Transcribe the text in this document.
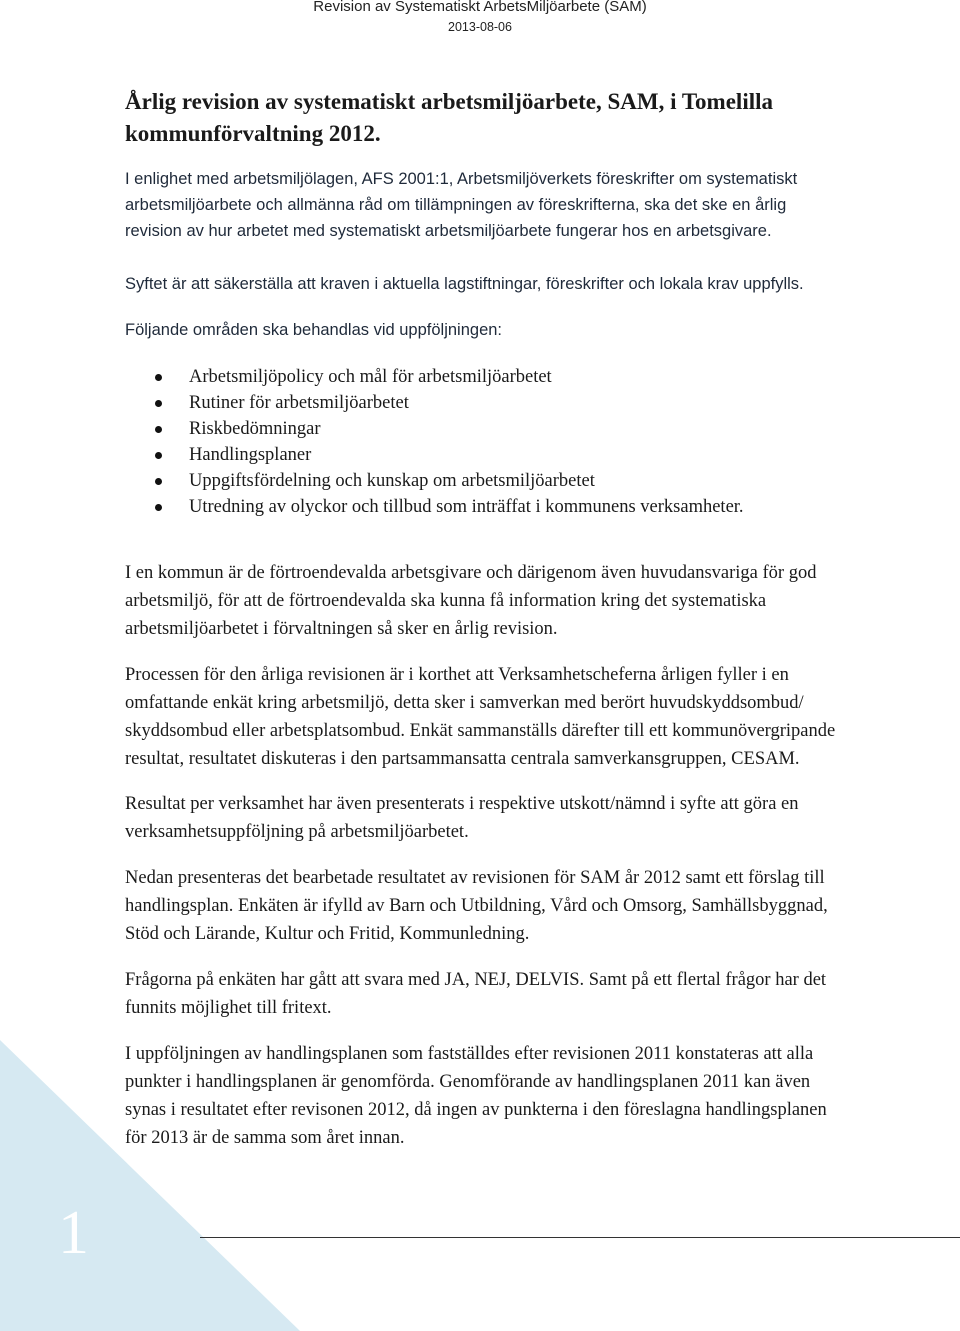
Revision av Systematiskt ArbetsMiljöarbete (SAM)
2013-08-06
Årlig revision av systematiskt arbetsmiljöarbete, SAM, i Tomelilla
kommunförvaltning 2012.

I enlighet med arbetsmiljölagen, AFS 2001:1, Arbetsmiljöverkets föreskrifter om systematiskt
arbetsmiljöarbete och allmänna råd om tillämpningen av föreskrifterna, ska det ske en årlig
revision av hur arbetet med systematiskt arbetsmiljöarbete fungerar hos en arbetsgivare.

Syftet är att säkerställa att kraven i aktuella lagstiftningar, föreskrifter och lokala krav uppfylls.

Följande områden ska behandlas vid uppföljningen:

Arbetsmiljöpolicy och mål för arbetsmiljöarbetet
Rutiner för arbetsmiljöarbetet
Riskbedömningar
Handlingsplaner
Uppgiftsfördelning och kunskap om arbetsmiljöarbetet
Utredning av olyckor och tillbud som inträffat i kommunens verksamheter.

I en kommun är de förtroendevalda arbetsgivare och därigenom även huvudansvariga för god
arbetsmiljö, för att de förtroendevalda ska kunna få information kring det systematiska
arbetsmiljöarbetet i förvaltningen så sker en årlig revision.

Processen för den årliga revisionen är i korthet att Verksamhetscheferna årligen fyller i en
omfattande enkät kring arbetsmiljö, detta sker i samverkan med berört huvudskyddsombud/
skyddsombud eller arbetsplatsombud. Enkät sammanställs därefter till ett kommunövergripande
resultat, resultatet diskuteras i den partsammansatta centrala samverkansgruppen, CESAM.

Resultat per verksamhet har även presenterats i respektive utskott/nämnd i syfte att göra en
verksamhetsuppföljning på arbetsmiljöarbetet.

Nedan presenteras det bearbetade resultatet av revisionen för SAM år 2012 samt ett förslag till
handlingsplan. Enkäten är ifylld av Barn och Utbildning, Vård och Omsorg, Samhällsbyggnad,
Stöd och Lärande, Kultur och Fritid, Kommunledning.

Frågorna på enkäten har gått att svara med JA, NEJ, DELVIS. Samt på ett flertal frågor har det
funnits möjlighet till fritext.

I uppföljningen av handlingsplanen som fastställdes efter revisionen 2011 konstateras att alla
punkter i handlingsplanen är genomförda. Genomförande av handlingsplanen 2011 kan även
synas i resultatet efter revisonen 2012, då ingen av punkterna i den föreslagna handlingsplanen
för 2013 är de samma som året innan.

1
